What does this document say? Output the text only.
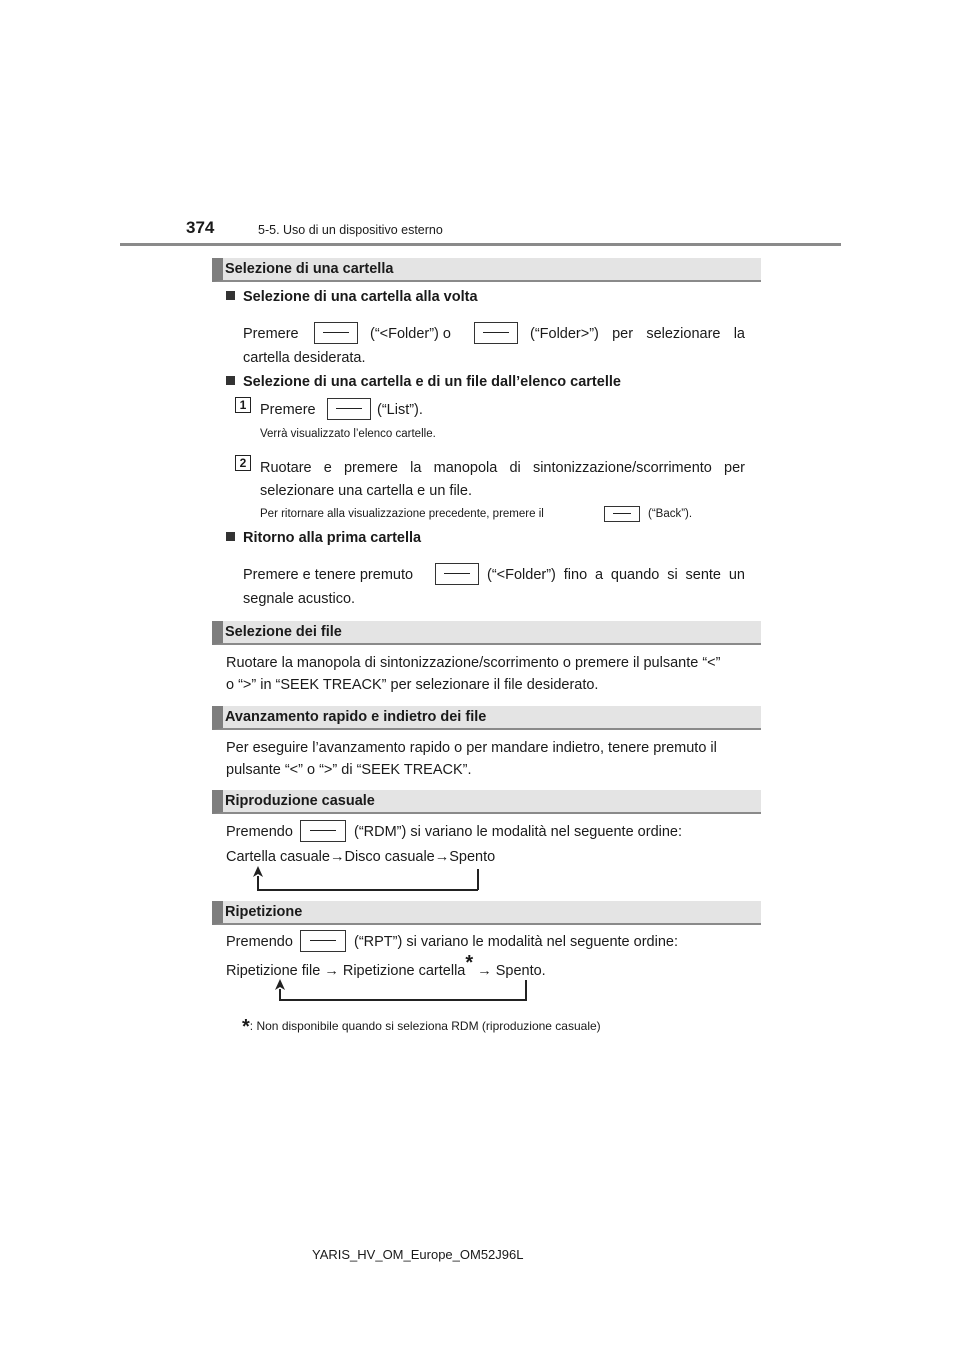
374	5-5. Uso di un dispositivo esterno
Selezione di una cartella
Selezione di una cartella alla volta
Premere	(“<Folder”) o	(“Folder>”) per selezionare la
cartella desiderata.
Selezione di una cartella e di un file dall’elenco cartelle
1 Premere	(“List”).
Verrà visualizzato l’elenco cartelle.
2 Ruotare e premere la manopola di sintonizzazione/scorrimento per
selezionare una cartella e un file.
Per ritornare alla visualizzazione precedente, premere il	(“Back”).
Ritorno alla prima cartella
Premere e tenere premuto	(“<Folder”) fino a quando si sente un
segnale acustico.
Selezione dei file
Ruotare la manopola di sintonizzazione/scorrimento o premere il pulsante “<”
o “>” in “SEEK TREACK” per selezionare il file desiderato.
Avanzamento rapido e indietro dei file
Per eseguire l’avanzamento rapido o per mandare indietro, tenere premuto il
pulsante “<” o “>” di “SEEK TREACK”.
Riproduzione casuale
Premendo	(“RDM”) si variano le modalità nel seguente ordine:
Cartella casuale→Disco casuale→Spento
Ripetizione
Premendo	(“RPT”) si variano le modalità nel seguente ordine:
Ripetizione file → Ripetizione cartella* → Spento.
*: Non disponibile quando si seleziona RDM (riproduzione casuale)
YARIS_HV_OM_Europe_OM52J96L
